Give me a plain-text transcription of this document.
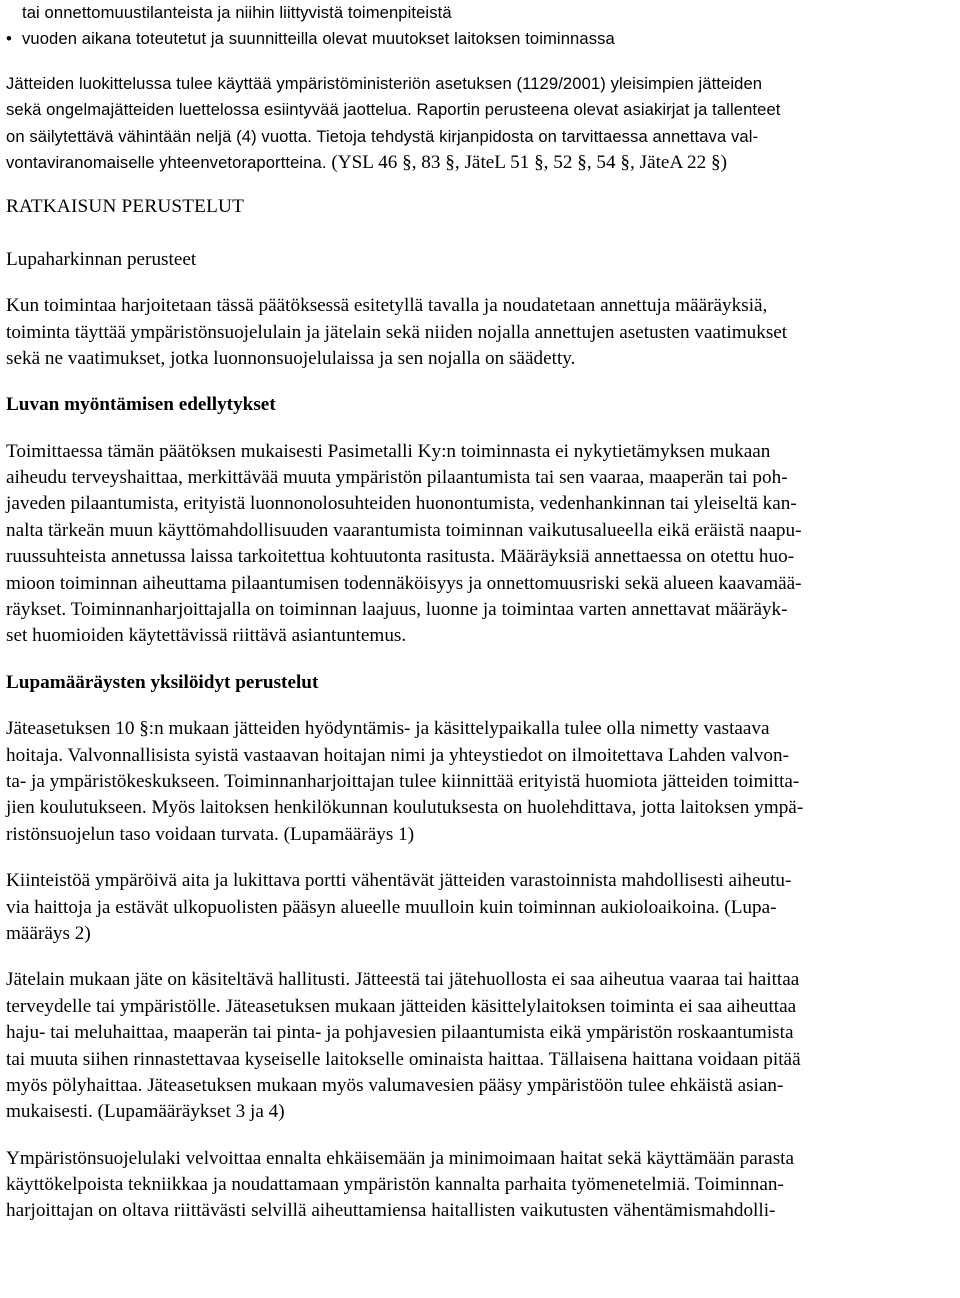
tai onnettomuustilanteista ja niihin liittyvistä toimenpiteistä
• vuoden aikana toteutetut ja suunnitteilla olevat muutokset laitoksen toiminnassa
Jätteiden luokittelussa tulee käyttää ympäristöministeriön asetuksen (1129/2001) yleisimpien jätteiden
sekä ongelmajätteiden luettelossa esiintyvää jaottelua. Raportin perusteena olevat asiakirjat ja tallenteet
on säilytettävä vähintään neljä (4) vuotta. Tietoja tehdystä kirjanpidosta on tarvittaessa annettava val-
vontaviranomaiselle yhteenvetoraportteina. (YSL 46 §, 83 §, JäteL 51 §, 52 §, 54 §, JäteA 22 §)
RATKAISUN PERUSTELUT
Lupaharkinnan perusteet
Kun toimintaa harjoitetaan tässä päätöksessä esitetyllä tavalla ja noudatetaan annettuja määräyksiä,
toiminta täyttää ympäristönsuojelulain ja jätelain sekä niiden nojalla annettujen asetusten vaatimukset
sekä ne vaatimukset, jotka luonnonsuojelulaissa ja sen nojalla on säädetty.
Luvan myöntämisen edellytykset
Toimittaessa tämän päätöksen mukaisesti Pasimetalli Ky:n toiminnasta ei nykytietämyksen mukaan
aiheudu terveyshaittaa, merkittävää muuta ympäristön pilaantumista tai sen vaaraa, maaperän tai poh-
javeden pilaantumista, erityistä luonnonolosuhteiden huonontumista, vedenhankinnan tai yleiseltä kan-
nalta tärkeän muun käyttömahdollisuuden vaarantumista toiminnan vaikutusalueella eikä eräistä naapu-
ruussuhteista annetussa laissa tarkoitettua kohtuutonta rasitusta. Määräyksiä annettaessa on otettu huo-
mioon toiminnan aiheuttama pilaantumisen todennäköisyys ja onnettomuusriski sekä alueen kaavamää-
räykset. Toiminnanharjoittajalla on toiminnan laajuus, luonne ja toimintaa varten annettavat määräyk-
set huomioiden käytettävissä riittävä asiantuntemus.
Lupamääräysten yksilöidyt perustelut
Jäteasetuksen 10 §:n mukaan jätteiden hyödyntämis- ja käsittelypaikalla tulee olla nimetty vastaava
hoitaja. Valvonnallisista syistä vastaavan hoitajan nimi ja yhteystiedot on ilmoitettava Lahden valvon-
ta- ja ympäristökeskukseen. Toiminnanharjoittajan tulee kiinnittää erityistä huomiota jätteiden toimitta-
jien koulutukseen. Myös laitoksen henkilökunnan koulutuksesta on huolehdittava, jotta laitoksen ympä-
ristönsuojelun taso voidaan turvata. (Lupamääräys 1)
Kiinteistöä ympäröivä aita ja lukittava portti vähentävät jätteiden varastoinnista mahdollisesti aiheutu-
via haittoja ja estävät ulkopuolisten pääsyn alueelle muulloin kuin toiminnan aukioloaikoina. (Lupa-
määräys 2)
Jätelain mukaan jäte on käsiteltävä hallitusti. Jätteestä tai jätehuollosta ei saa aiheutua vaaraa tai haittaa
terveydelle tai ympäristölle. Jäteasetuksen mukaan jätteiden käsittelylaitoksen toiminta ei saa aiheuttaa
haju- tai meluhaittaa, maaperän tai pinta- ja pohjavesien pilaantumista eikä ympäristön roskaantumista
tai muuta siihen rinnastettavaa kyseiselle laitokselle ominaista haittaa. Tällaisena haittana voidaan pitää
myös pölyhaittaa. Jäteasetuksen mukaan myös valumavesien pääsy ympäristöön tulee ehkäistä asian-
mukaisesti. (Lupamääräykset 3 ja 4)
Ympäristönsuojelulaki velvoittaa ennalta ehkäisemään ja minimoimaan haitat sekä käyttämään parasta
käyttökelpoista tekniikkaa ja noudattamaan ympäristön kannalta parhaita työmenetelmiä. Toiminnan-
harjoittajan on oltava riittävästi selvillä aiheuttamiensa haitallisten vaikutusten vähentämismahdolli-
